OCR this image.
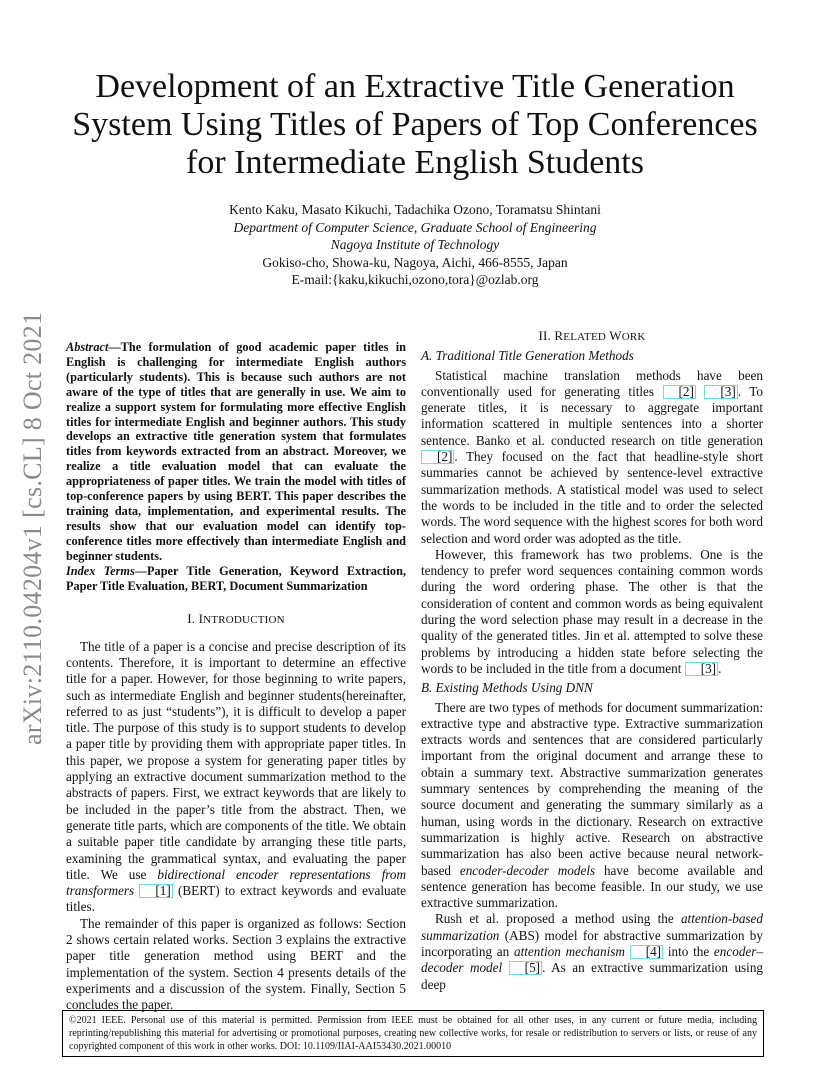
arXiv:2110.04204v1 [cs.CL] 8 Oct 2021
Development of an Extractive Title Generation
System Using Titles of Papers of Top Conferences
for Intermediate English Students
Kento Kaku, Masato Kikuchi, Tadachika Ozono, Toramatsu Shintani
Department of Computer Science, Graduate School of Engineering
Nagoya Institute of Technology
Gokiso-cho, Showa-ku, Nagoya, Aichi, 466-8555, Japan
E-mail:{kaku,kikuchi,ozono,tora}@ozlab.org
Abstract—The formulation of good academic paper titles in English is challenging for intermediate English authors (particularly students). This is because such authors are not aware of the type of titles that are generally in use. We aim to realize a support system for formulating more effective English titles for intermediate English and beginner authors. This study develops an extractive title generation system that formulates titles from keywords extracted from an abstract. Moreover, we realize a title evaluation model that can evaluate the appropriateness of paper titles. We train the model with titles of top-conference papers by using BERT. This paper describes the training data, implementation, and experimental results. The results show that our evaluation model can identify top-conference titles more effectively than intermediate English and beginner students.
Index Terms—Paper Title Generation, Keyword Extraction, Paper Title Evaluation, BERT, Document Summarization
I. INTRODUCTION

The title of a paper is a concise and precise description of its contents. Therefore, it is important to determine an effective title for a paper. However, for those beginning to write papers, such as intermediate English and beginner students(hereinafter, referred to as just “students”), it is difficult to develop a paper title. The purpose of this study is to support students to develop a paper title by providing them with appropriate paper titles. In this paper, we propose a system for generating paper titles by applying an extractive document summarization method to the abstracts of papers. First, we extract keywords that are likely to be included in the paper’s title from the abstract. Then, we generate title parts, which are components of the title. We obtain a suitable paper title candidate by arranging these title parts, examining the grammatical syntax, and evaluating the paper title. We use bidirectional encoder representations from transformers [1] (BERT) to extract keywords and evaluate titles.

The remainder of this paper is organized as follows: Section 2 shows certain related works. Section 3 explains the extractive paper title generation method using BERT and the implementation of the system. Section 4 presents details of the experiments and a discussion of the system. Finally, Section 5 concludes the paper.

II. RELATED WORK
A. Traditional Title Generation Methods

Statistical machine translation methods have been conventionally used for generating titles [2] [3] . To generate titles, it is necessary to aggregate important information scattered in multiple sentences into a shorter sentence. Banko et al. conducted research on title generation [2] . They focused on the fact that headline-style short summaries cannot be achieved by sentence-level extractive summarization methods. A statistical model was used to select the words to be included in the title and to order the selected words. The word sequence with the highest scores for both word selection and word order was adopted as the title.

However, this framework has two problems. One is the tendency to prefer word sequences containing common words during the word ordering phase. The other is that the consideration of content and common words as being equivalent during the word selection phase may result in a decrease in the quality of the generated titles. Jin et al. attempted to solve these problems by introducing a hidden state before selecting the words to be included in the title from a document [3] .

B. Existing Methods Using DNN

There are two types of methods for document summarization: extractive type and abstractive type. Extractive summarization extracts words and sentences that are considered particularly important from the original document and arrange these to obtain a summary text. Abstractive summarization generates summary sentences by comprehending the meaning of the source document and generating the summary similarly as a human, using words in the dictionary. Research on extractive summarization is highly active. Research on abstractive summarization has also been active because neural network-based encoder-decoder models have become available and sentence generation has become feasible. In our study, we use extractive summarization.

Rush et al. proposed a method using the attention-based summarization (ABS) model for abstractive summarization by incorporating an attention mechanism [4] into the encoder–decoder model [5] . As an extractive summarization using deep

©2021 IEEE. Personal use of this material is permitted. Permission from IEEE must be obtained for all other uses, in any current or future media, including reprinting/republishing this material for advertising or promotional purposes, creating new collective works, for resale or redistribution to servers or lists, or reuse of any copyrighted component of this work in other works. DOI: 10.1109/IIAI-AAI53430.2021.00010
